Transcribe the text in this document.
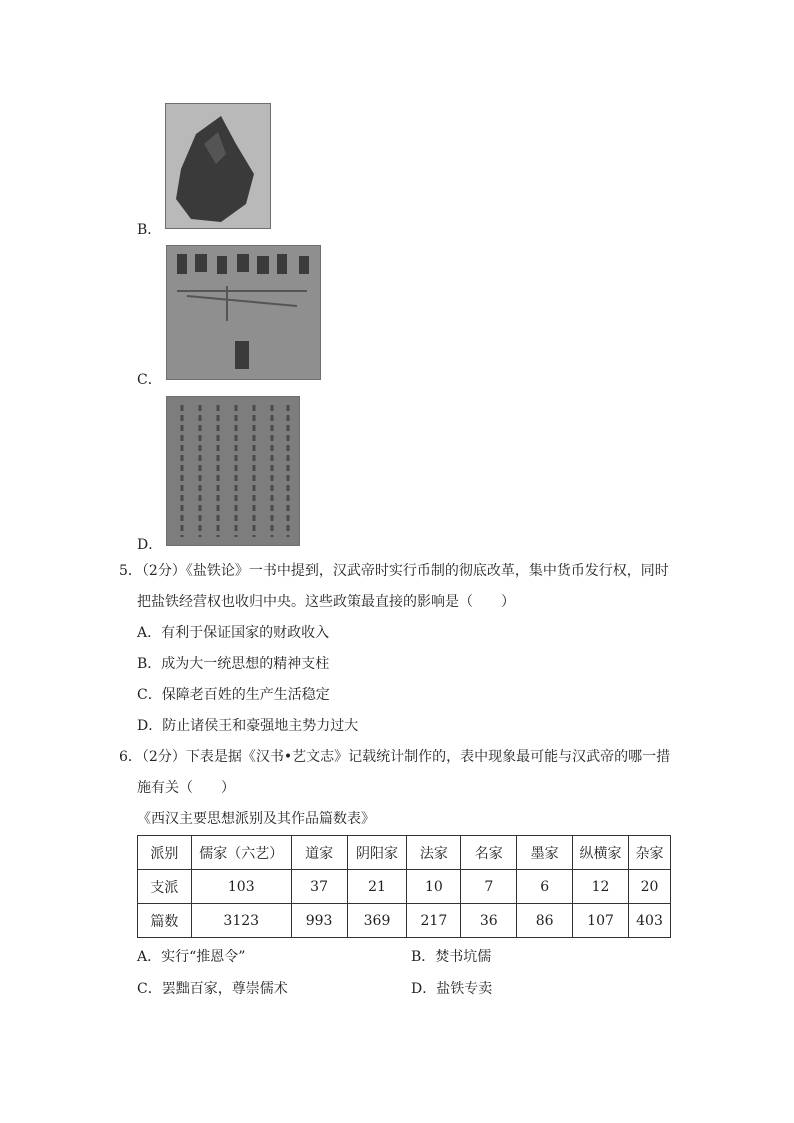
B．
C．
D．
5．（2分）《盐铁论》一书中提到，汉武帝时实行币制的彻底改革，集中货币发行权，同时
把盐铁经营权也收归中央。这些政策最直接的影响是（　　）
A．有利于保证国家的财政收入
B．成为大一统思想的精神支柱
C．保障老百姓的生产生活稳定
D．防止诸侯王和豪强地主势力过大
6．（2分）下表是据《汉书•艺文志》记载统计制作的，表中现象最可能与汉武帝的哪一措
施有关（　　）
《西汉主要思想派别及其作品篇数表》
派别	儒家（六艺）	道家	阴阳家	法家	名家	墨家	纵横家	杂家
支派	103	37	21	10	7	6	12	20
篇数	3123	993	369	217	36	86	107	403
A．实行“推恩令”	B．焚书坑儒
C．罢黜百家，尊崇儒术	D．盐铁专卖
